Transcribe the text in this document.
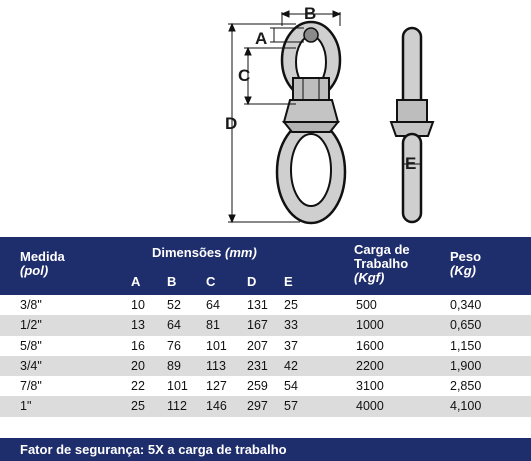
B
A
C
D
E
Medida
(pol)
Dimensões (mm)
A B C D E
Carga de
Trabalho
(Kgf)
Peso
(Kg)
3/8"	10 52 64 131 25	500	0,340
1/2"	13 64 81 167 33	1000	0,650
5/8"	16 76 101 207 37	1600	1,150
3/4"	20 89 113 231 42	2200	1,900
7/8"	22 101 127 259 54	3100	2,850
1"	25 112 146 297 57	4000	4,100
Fator de segurança: 5X a carga de trabalho
